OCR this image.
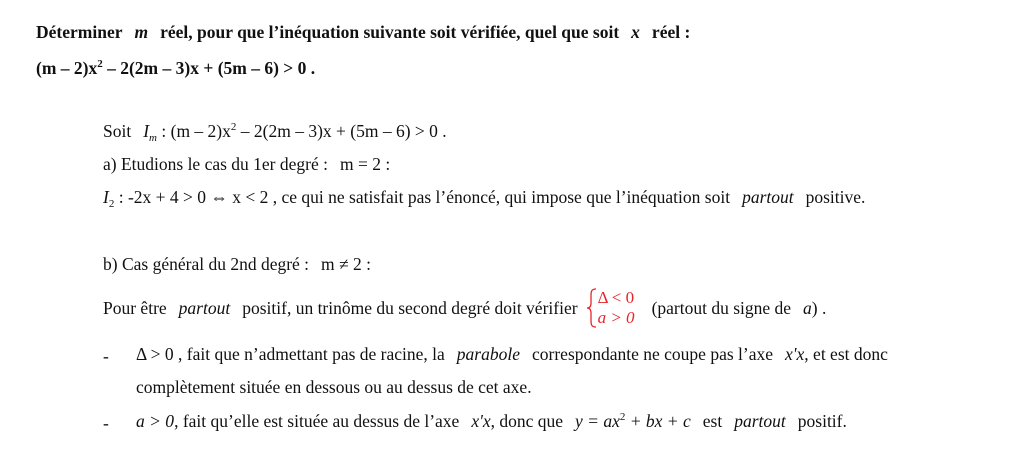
Déterminer m réel, pour que l’inéquation suivante soit vérifiée, quel que soit x réel :
$(m - 2)x^2 - 2(2m - 3)x + (5m - 6) > 0$ .
Soit $I_m$ : $(m - 2)x^2 - 2(2m - 3)x + (5m - 6) > 0$ .
a) Etudions le cas du 1er degré : m = 2 :
$I_2$ : -2x + 4 > 0 ⇔ x < 2 , ce qui ne satisfait pas l’énoncé, qui impose que l’inéquation soit partout positive.
b) Cas général du 2nd degré : m ≠ 2 :
Pour être partout positif, un trinôme du second degré doit vérifier
Δ < 0
a > 0 (partout du signe de a) .
- Δ > 0 , fait que n’admettant pas de racine, la parabole correspondante ne coupe pas l’axe x'x, et est donc
complètement située en dessous ou au dessus de cet axe.
- a > 0, fait qu’elle est située au dessus de l’axe x'x, donc que $y = ax^2$ + bx + c est partout positif.
